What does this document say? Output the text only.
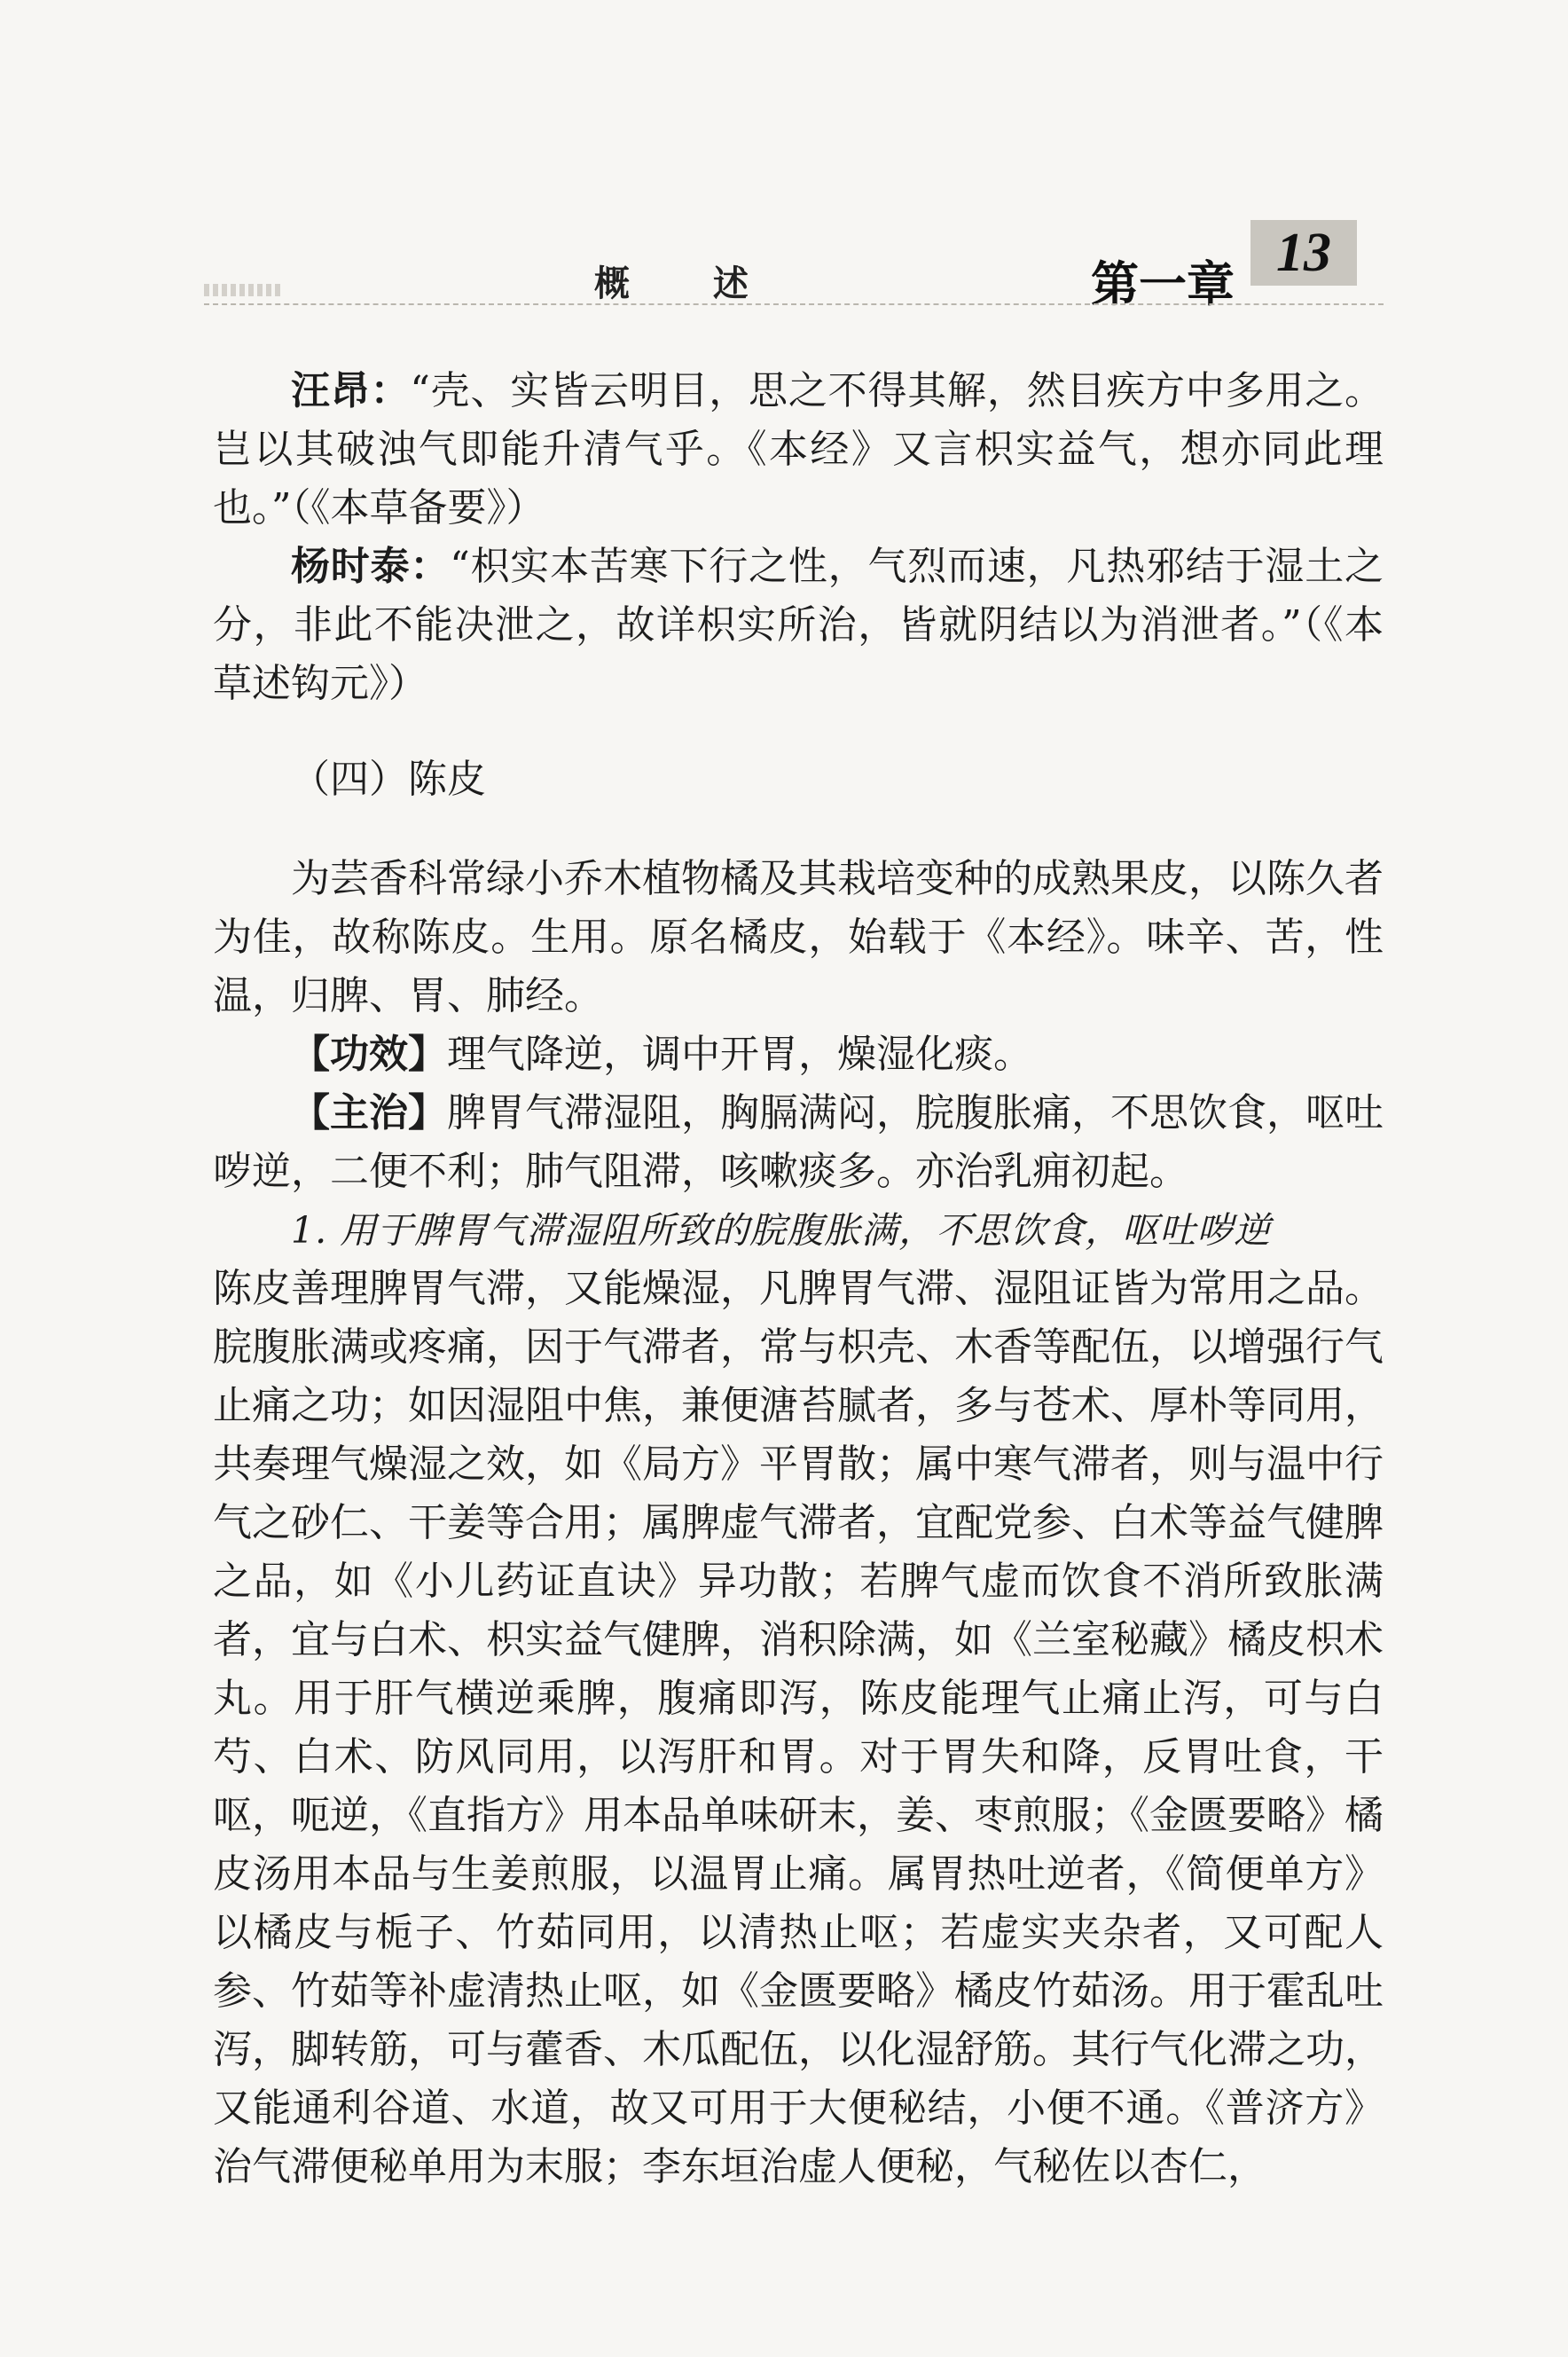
概 述	第一章
13

汪昂：“壳、实皆云明目，思之不得其解，然目疾方中多用之。岂以其破浊气即能升清气乎。《本经》又言枳实益气，想亦同此理也。”（《本草备要》）

杨时泰：“枳实本苦寒下行之性，气烈而速，凡热邪结于湿土之分，非此不能决泄之，故详枳实所治，皆就阴结以为消泄者。”（《本草述钩元》）

（四）陈皮

为芸香科常绿小乔木植物橘及其栽培变种的成熟果皮，以陈久者为佳，故称陈皮。生用。原名橘皮，始载于《本经》。味辛、苦，性温，归脾、胃、肺经。

【功效】理气降逆，调中开胃，燥湿化痰。

【主治】脾胃气滞湿阻，胸膈满闷，脘腹胀痛，不思饮食，呕吐哕逆，二便不利；肺气阻滞，咳嗽痰多。亦治乳痈初起。

1. 用于脾胃气滞湿阻所致的脘腹胀满，不思饮食，呕吐哕逆

陈皮善理脾胃气滞，又能燥湿，凡脾胃气滞、湿阻证皆为常用之品。脘腹胀满或疼痛，因于气滞者，常与枳壳、木香等配伍，以增强行气止痛之功；如因湿阻中焦，兼便溏苔腻者，多与苍术、厚朴等同用，共奏理气燥湿之效，如《局方》平胃散；属中寒气滞者，则与温中行气之砂仁、干姜等合用；属脾虚气滞者，宜配党参、白术等益气健脾之品，如《小儿药证直诀》异功散；若脾气虚而饮食不消所致胀满者，宜与白术、枳实益气健脾，消积除满，如《兰室秘藏》橘皮枳术丸。用于肝气横逆乘脾，腹痛即泻，陈皮能理气止痛止泻，可与白芍、白术、防风同用，以泻肝和胃。对于胃失和降，反胃吐食，干呕，呃逆，《直指方》用本品单味研末，姜、枣煎服；《金匮要略》橘皮汤用本品与生姜煎服，以温胃止痛。属胃热吐逆者，《简便单方》以橘皮与栀子、竹茹同用，以清热止呕；若虚实夹杂者，又可配人参、竹茹等补虚清热止呕，如《金匮要略》橘皮竹茹汤。用于霍乱吐泻，脚转筋，可与藿香、木瓜配伍，以化湿舒筋。其行气化滞之功，又能通利谷道、水道，故又可用于大便秘结，小便不通。《普济方》治气滞便秘单用为末服；李东垣治虚人便秘，气秘佐以杏仁，
